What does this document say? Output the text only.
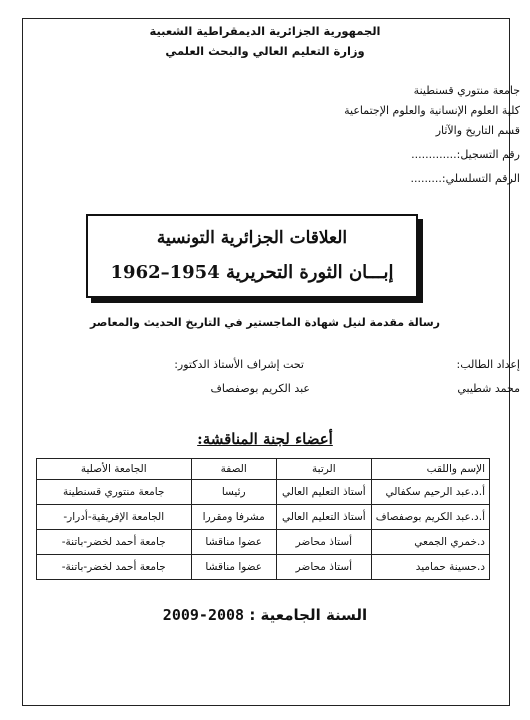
الجمهورية الجزائرية الديمقراطية الشعبية
وزارة التعليم العالي والبحث العلمي
جامعة منتوري قسنطينة
كلية العلوم الإنسانية والعلوم الإجتماعية
قسم التاريخ والآثار
رقم التسجيل:.............
الرقم التسلسلي:.........
العلاقات الجزائرية التونسية
إبـــان الثورة التحريرية 1954–1962
رسالة مقدمة لنيل شهادة الماجستير في التاريخ الحديث والمعاصر
إعداد الطالب:
محمد شطيبي
تحت إشراف الأستاذ الدكتور:
عبد الكريم بوصفصاف
أعضاء لجنة المناقشة:
الإسم واللقب	الرتبة	الصفة	الجامعة الأصلية
أ.د.عبد الرحيم سكفالي	أستاذ التعليم العالي	رئيسا	جامعة منتوري قسنطينة
أ.د.عبد الكريم بوصفصاف	أستاذ التعليم العالي	مشرفا ومقررا	الجامعة الإفريقية-أدرار-
د.خمري الجمعي	أستاذ محاضر	عضوا مناقشا	جامعة أحمد لخضر-باتنة-
د.حسينة حماميد	أستاذ محاضر	عضوا مناقشا	جامعة أحمد لخضر-باتنة-
السنة الجامعية : 2009-2008
